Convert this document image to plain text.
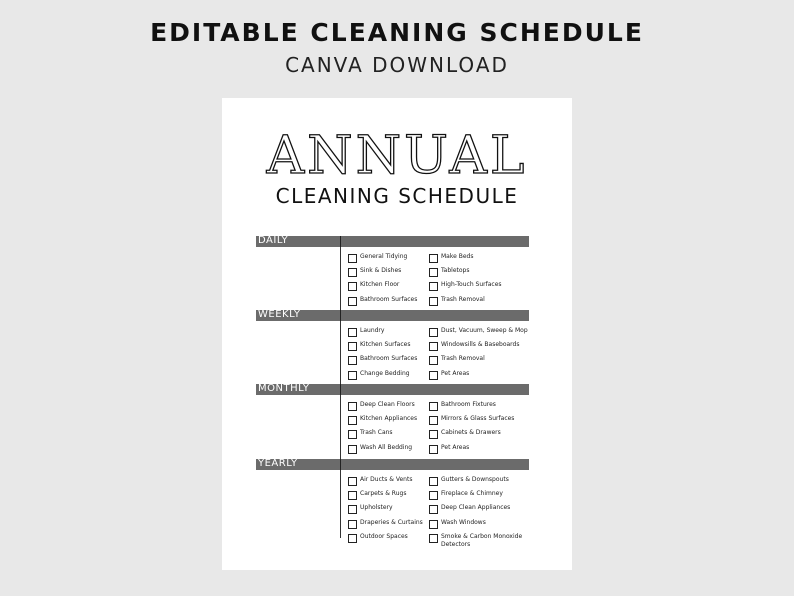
EDITABLE CLEANING SCHEDULE
CANVA DOWNLOAD
ANNUAL
CLEANING SCHEDULE
DAILY
General Tidying
Sink & Dishes
Kitchen Floor
Bathroom Surfaces
Make Beds
Tabletops
High-Touch Surfaces
Trash Removal
WEEKLY
Laundry
Kitchen Surfaces
Bathroom Surfaces
Change Bedding
Dust, Vacuum, Sweep & Mop
Windowsills & Baseboards
Trash Removal
Pet Areas
MONTHLY
Deep Clean Floors
Kitchen Appliances
Trash Cans
Wash All Bedding
Bathroom Fixtures
Mirrors & Glass Surfaces
Cabinets & Drawers
Pet Areas
YEARLY
Air Ducts & Vents
Carpets & Rugs
Upholstery
Draperies & Curtains
Outdoor Spaces
Gutters & Downspouts
Fireplace & Chimney
Deep Clean Appliances
Wash Windows
Smoke & Carbon Monoxide Detectors
